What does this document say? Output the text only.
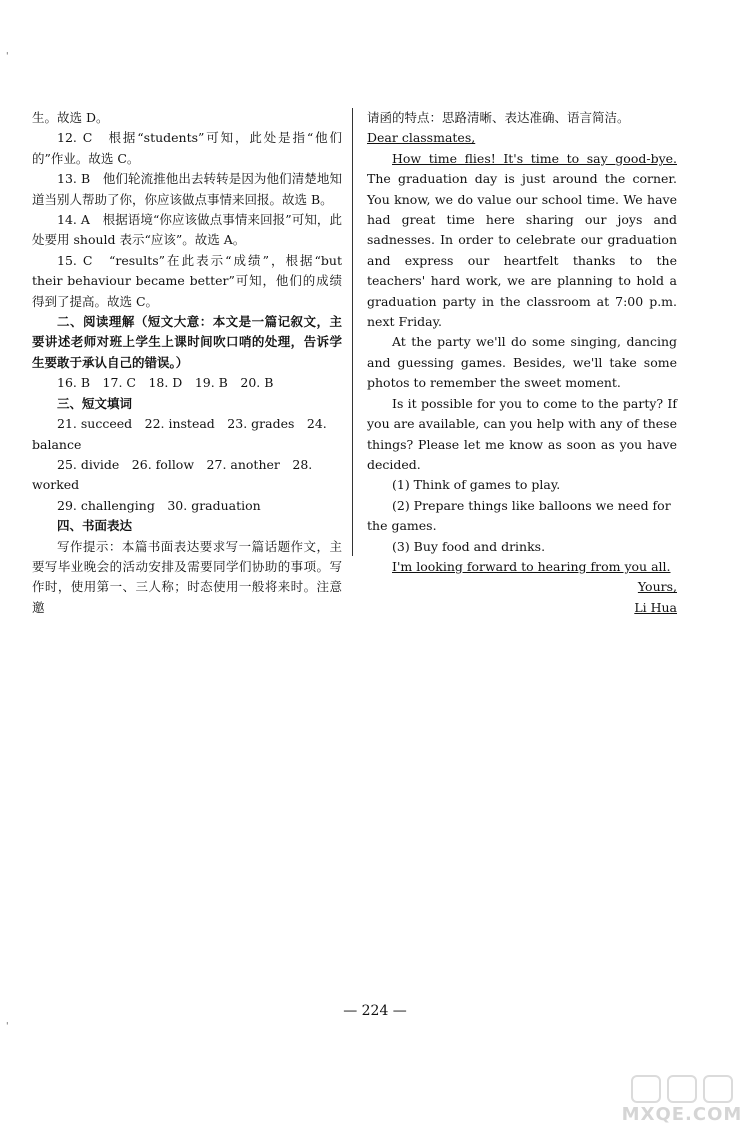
'

生。故选 D。

12. C　根据“students”可知，此处是指“他们的”作业。故选 C。

13. B　他们轮流推他出去转转是因为他们清楚地知道当别人帮助了你，你应该做点事情来回报。故选 B。

14. A　根据语境“你应该做点事情来回报”可知，此处要用 should 表示“应该”。故选 A。

15. C　“results”在此表示“成绩”，根据“but their behaviour became better”可知，他们的成绩得到了提高。故选 C。

二、阅读理解（短文大意：本文是一篇记叙文，主要讲述老师对班上学生上课时间吹口哨的处理，告诉学生要敢于承认自己的错误。）

16. B　17. C　18. D　19. B　20. B

三、短文填词

21. succeed　22. instead　23. grades　24. balance

25. divide　26. follow　27. another　28. worked

29. challenging　30. graduation

四、书面表达

写作提示：本篇书面表达要求写一篇话题作文，主要写毕业晚会的活动安排及需要同学们协助的事项。写作时，使用第一、三人称；时态使用一般将来时。注意邀

请函的特点：思路清晰、表达准确、语言简洁。

Dear classmates,

How time flies! It's time to say good-bye. The graduation day is just around the corner. You know, we do value our school time. We have had great time here sharing our joys and sadnesses. In order to celebrate our graduation and express our heartfelt thanks to the teachers' hard work, we are planning to hold a graduation party in the classroom at 7:00 p.m. next Friday.

At the party we'll do some singing, dancing and guessing games. Besides, we'll take some photos to remember the sweet moment.

Is it possible for you to come to the party? If you are available, can you help with any of these things? Please let me know as soon as you have decided.

(1) Think of games to play.

(2) Prepare things like balloons we need for the games.

(3) Buy food and drinks.

I'm looking forward to hearing from you all.

Yours,

Li Hua

— 224 —
'
MXQE.COM
